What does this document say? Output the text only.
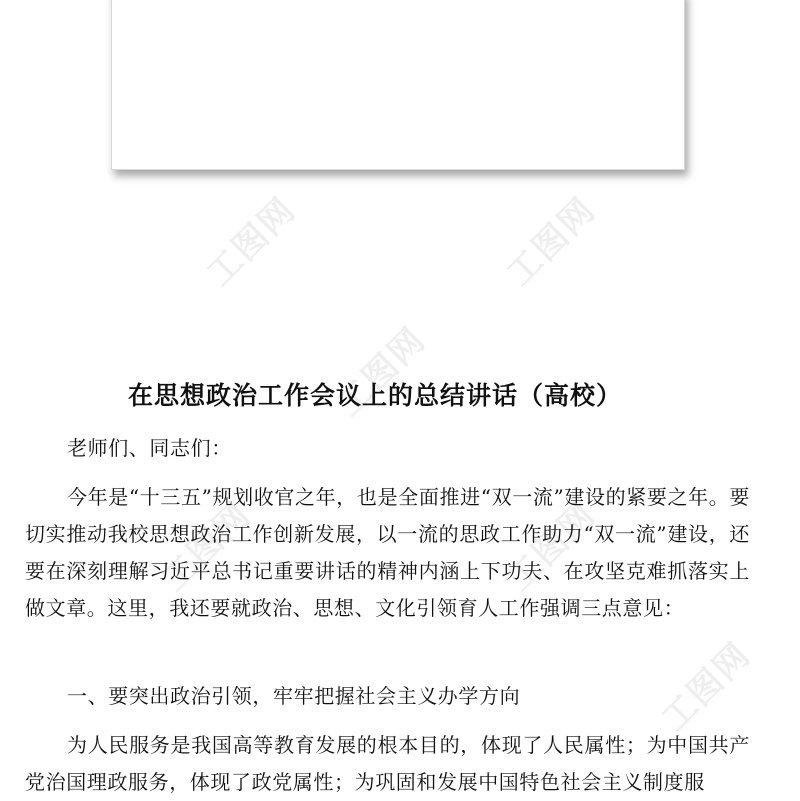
工图网	工图网
工图网
工图网
工图网
工图网
在思想政治工作会议上的总结讲话（高校）

老师们、同志们：

今年是“十三五”规划收官之年，也是全面推进“双一流”建设的紧要之年。要切实推动我校思想政治工作创新发展，以一流的思政工作助力“双一流”建设，还要在深刻理解习近平总书记重要讲话的精神内涵上下功夫、在攻坚克难抓落实上做文章。这里，我还要就政治、思想、文化引领育人工作强调三点意见：

一、要突出政治引领，牢牢把握社会主义办学方向

为人民服务是我国高等教育发展的根本目的，体现了人民属性；为中国共产党治国理政服务，体现了政党属性；为巩固和发展中国特色社会主义制度服
